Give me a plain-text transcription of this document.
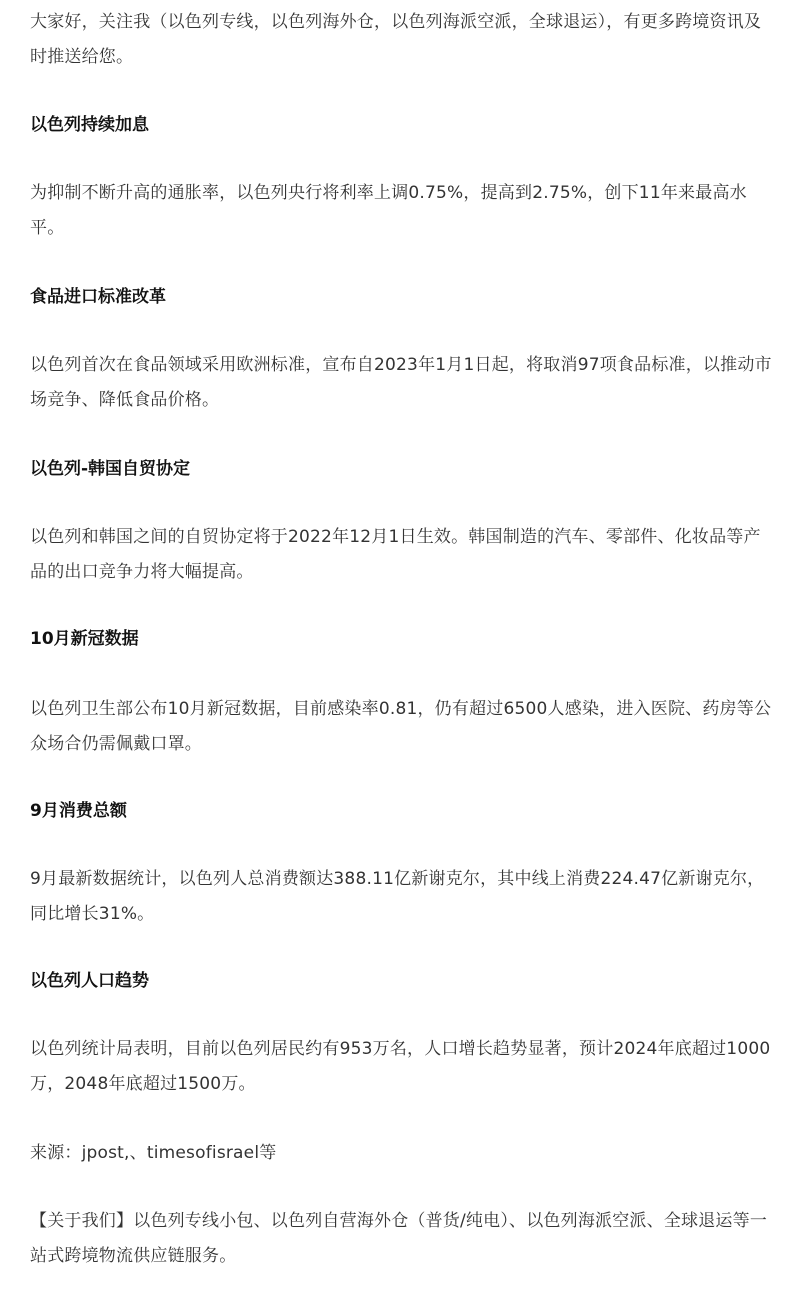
大家好，关注我（以色列专线，以色列海外仓，以色列海派空派，全球退运），有更多跨境资讯及时推送给您。

以色列持续加息

为抑制不断升高的通胀率，以色列央行将利率上调0.75%，提高到2.75%，创下11年来最高水平。

食品进口标准改革

以色列首次在食品领域采用欧洲标准，宣布自2023年1月1日起，将取消97项食品标准，以推动市场竞争、降低食品价格。

以色列-韩国自贸协定

以色列和韩国之间的自贸协定将于2022年12月1日生效。韩国制造的汽车、零部件、化妆品等产品的出口竞争力将大幅提高。

10月新冠数据

以色列卫生部公布10月新冠数据，目前感染率0.81，仍有超过6500人感染，进入医院、药房等公众场合仍需佩戴口罩。

9月消费总额

9月最新数据统计，以色列人总消费额达388.11亿新谢克尔，其中线上消费224.47亿新谢克尔，同比增长31%。

以色列人口趋势

以色列统计局表明，目前以色列居民约有953万名，人口增长趋势显著，预计2024年底超过1000万，2048年底超过1500万。

来源：jpost,、timesofisrael等

【关于我们】以色列专线小包、以色列自营海外仓（普货/纯电）、以色列海派空派、全球退运等一站式跨境物流供应链服务。
